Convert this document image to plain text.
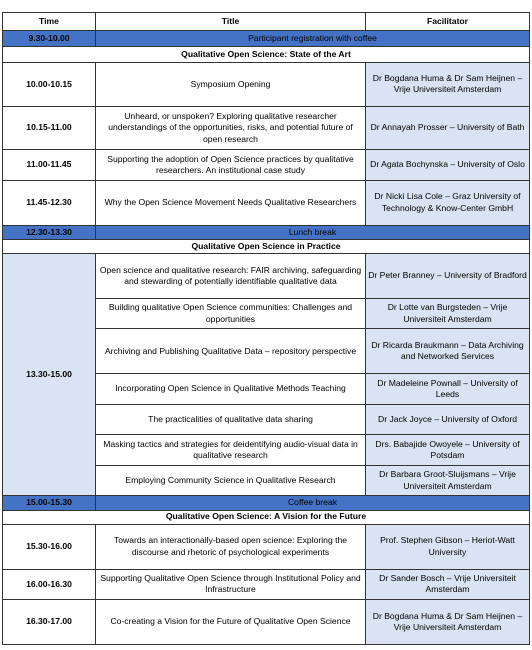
Time	Title	Facilitator
9.30-10.00	Participant registration with coffee	
Qualitative Open Science: State of the Art		
10.00-10.15	Symposium Opening	Dr Bogdana Huma & Dr Sam Heijnen – Vrije Universiteit Amsterdam
10.15-11.00	Unheard, or unspoken? Exploring qualitative researcher understandings of the opportunities, risks, and potential future of open research	Dr Annayah Prosser – University of Bath
11.00-11.45	Supporting the adoption of Open Science practices by qualitative researchers. An institutional case study	Dr Agata Bochynska – University of Oslo
11.45-12.30	Why the Open Science Movement Needs Qualitative Researchers	Dr Nicki Lisa Cole – Graz University of Technology & Know-Center GmbH
12.30-13.30	Lunch break	
Qualitative Open Science in Practice		
13.30-15.00	Open science and qualitative research: FAIR archiving, safeguarding and stewarding of potentially identifiable qualitative data	Dr Peter Branney – University of Bradford
	Building qualitative Open Science communities: Challenges and opportunities	Dr Lotte van Burgsteden – Vrije Universiteit Amsterdam
	Archiving and Publishing Qualitative Data – repository perspective	Dr Ricarda Braukmann – Data Archiving and Networked Services
	Incorporating Open Science in Qualitative Methods Teaching	Dr Madeleine Pownall – University of Leeds
	The practicalities of qualitative data sharing	Dr Jack Joyce – University of Oxford
	Masking tactics and strategies for deidentifying audio-visual data in qualitative research	Drs. Babajide Owoyele – University of Potsdam
	Employing Community Science in Qualitative Research	Dr Barbara Groot-Sluijsmans – Vrije Universiteit Amsterdam
15.00-15.30	Coffee break	
Qualitative Open Science: A Vision for the Future		
15.30-16.00	Towards an interactionally-based open science: Exploring the discourse and rhetoric of psychological experiments	Prof. Stephen Gibson – Heriot-Watt University
16.00-16.30	Supporting Qualitative Open Science through Institutional Policy and Infrastructure	Dr Sander Bosch – Vrije Universiteit Amsterdam
16.30-17.00	Co-creating a Vision for the Future of Qualitative Open Science	Dr Bogdana Huma & Dr Sam Heijnen – Vrije Universiteit Amsterdam
